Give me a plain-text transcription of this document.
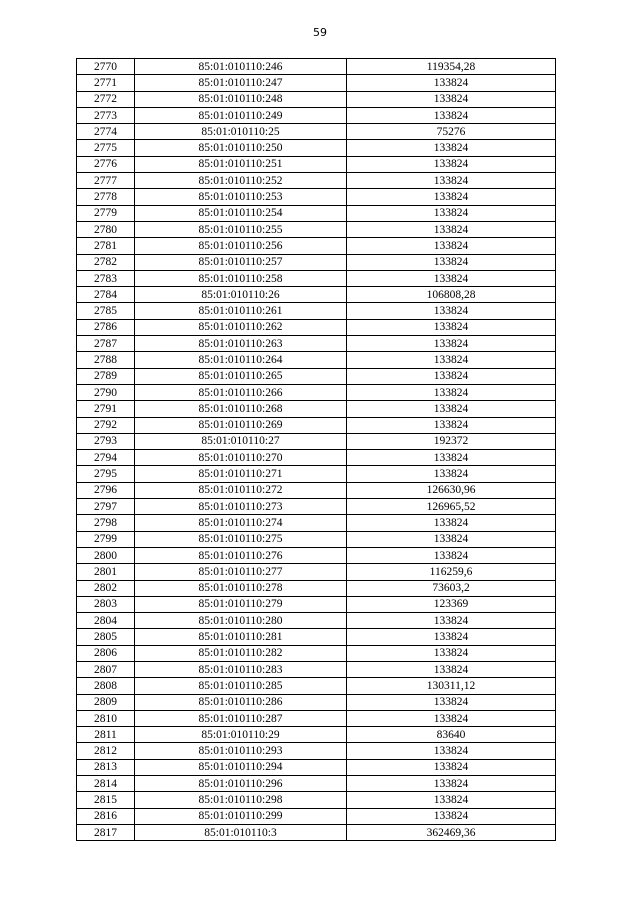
59
2770	85:01:010110:246	119354,28
2771	85:01:010110:247	133824
2772	85:01:010110:248	133824
2773	85:01:010110:249	133824
2774	85:01:010110:25	75276
2775	85:01:010110:250	133824
2776	85:01:010110:251	133824
2777	85:01:010110:252	133824
2778	85:01:010110:253	133824
2779	85:01:010110:254	133824
2780	85:01:010110:255	133824
2781	85:01:010110:256	133824
2782	85:01:010110:257	133824
2783	85:01:010110:258	133824
2784	85:01:010110:26	106808,28
2785	85:01:010110:261	133824
2786	85:01:010110:262	133824
2787	85:01:010110:263	133824
2788	85:01:010110:264	133824
2789	85:01:010110:265	133824
2790	85:01:010110:266	133824
2791	85:01:010110:268	133824
2792	85:01:010110:269	133824
2793	85:01:010110:27	192372
2794	85:01:010110:270	133824
2795	85:01:010110:271	133824
2796	85:01:010110:272	126630,96
2797	85:01:010110:273	126965,52
2798	85:01:010110:274	133824
2799	85:01:010110:275	133824
2800	85:01:010110:276	133824
2801	85:01:010110:277	116259,6
2802	85:01:010110:278	73603,2
2803	85:01:010110:279	123369
2804	85:01:010110:280	133824
2805	85:01:010110:281	133824
2806	85:01:010110:282	133824
2807	85:01:010110:283	133824
2808	85:01:010110:285	130311,12
2809	85:01:010110:286	133824
2810	85:01:010110:287	133824
2811	85:01:010110:29	83640
2812	85:01:010110:293	133824
2813	85:01:010110:294	133824
2814	85:01:010110:296	133824
2815	85:01:010110:298	133824
2816	85:01:010110:299	133824
2817	85:01:010110:3	362469,36
